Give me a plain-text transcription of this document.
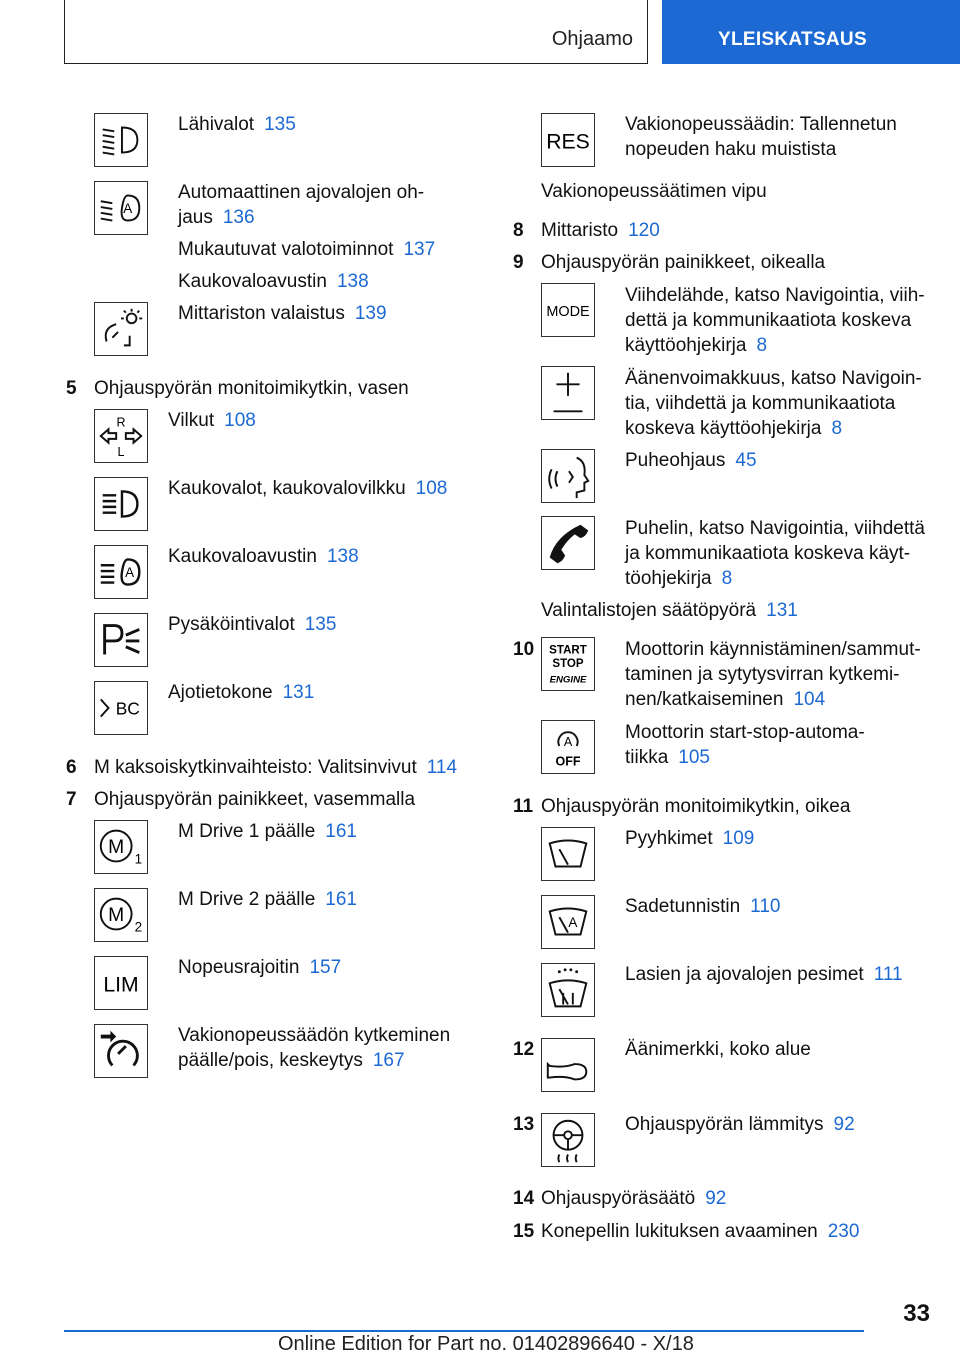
Ohjaamo	YLEISKATSAUS
Lähivalot 135
A
Automaattinen ajovalojen oh-
jaus 136
Mukautuvat valotoiminnot 137
Kaukovaloavustin 138
Mittariston valaistus 139
5 Ohjauspyörän monitoimikytkin, vasen
R
L
Vilkut 108
Kaukovalot, kaukovalovilkku 108
A
Kaukovaloavustin 138
Pysäköintivalot 135
BC
Ajotietokone 131
6 M kaksoiskytkinvaihteisto: Valitsinvivut 114
7 Ohjauspyörän painikkeet, vasemmalla
M
1
M Drive 1 päälle 161
M
2
M Drive 2 päälle 161
LIM
Nopeusrajoitin 157
Vakionopeussäädön kytkeminen
päälle/pois, keskeytys 167
RES
Vakionopeussäädin: Tallennetun
nopeuden haku muistista
Vakionopeussäätimen vipu
8 Mittaristo 120
9 Ohjauspyörän painikkeet, oikealla
MODE
Viihdelähde, katso Navigointia, viih-
dettä ja kommunikaatiota koskeva
käyttöohjekirja 8
Äänenvoimakkuus, katso Navigoin-
tia, viihdettä ja kommunikaatiota
koskeva käyttöohjekirja 8
Puheohjaus 45
Puhelin, katso Navigointia, viihdettä
ja kommunikaatiota koskeva käyt-
töohjekirja 8
Valintalistojen säätöpyörä 131
10 START
STOP
ENGINE
Moottorin käynnistäminen/sammut-
taminen ja sytytysvirran kytkemi-
nen/katkaiseminen 104
A
OFF
Moottorin start-stop-automa-
tiikka 105
11 Ohjauspyörän monitoimikytkin, oikea
Pyyhkimet 109
A
Sadetunnistin 110
Lasien ja ajovalojen pesimet 111
12	Äänimerkki, koko alue
13	Ohjauspyörän lämmitys 92
14 Ohjauspyöräsäätö 92
15 Konepellin lukituksen avaaminen 230
33
Online Edition for Part no. 01402896640 - X/18
